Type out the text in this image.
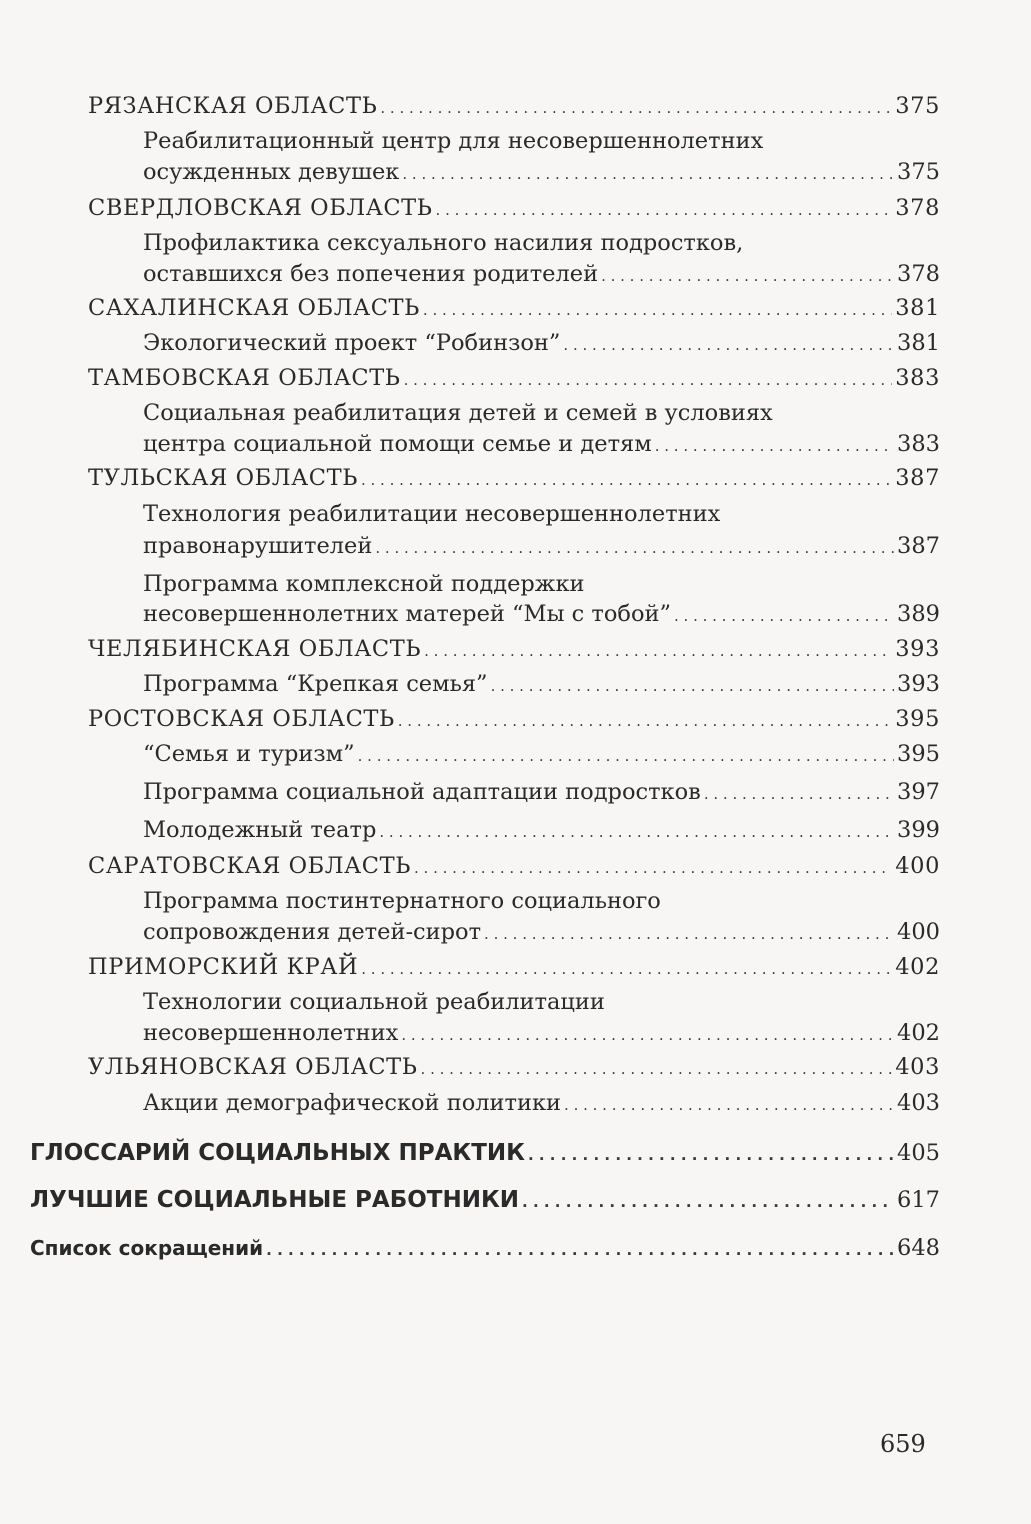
РЯЗАНСКАЯ ОБЛАСТЬ . . .	375
Реабилитационный центр для несовершеннолетних
осужденных девушек . . .	375
СВЕРДЛОВСКАЯ ОБЛАСТЬ . . .	378
Профилактика сексуального насилия подростков,
оставшихся без попечения родителей . . .	378
САХАЛИНСКАЯ ОБЛАСТЬ . . .	381
Экологический проект “Робинзон” . . .	381
ТАМБОВСКАЯ ОБЛАСТЬ . . .	383
Социальная реабилитация детей и семей в условиях
центра социальной помощи семье и детям . . .	383
ТУЛЬСКАЯ ОБЛАСТЬ . . .	387
Технология реабилитации несовершеннолетних
правонарушителей . . .	387
Программа комплексной поддержки
несовершеннолетних матерей “Мы с тобой” . . .	389
ЧЕЛЯБИНСКАЯ ОБЛАСТЬ . . .	393
Программа “Крепкая семья” . . .	393
РОСТОВСКАЯ ОБЛАСТЬ . . .	395
“Семья и туризм” . . .	395
Программа социальной адаптации подростков . . .	397
Молодежный театр . . .	399
САРАТОВСКАЯ ОБЛАСТЬ . . .	400
Программа постинтернатного социального
сопровождения детей-сирот . . .	400
ПРИМОРСКИЙ КРАЙ . . .	402
Технологии социальной реабилитации
несовершеннолетних . . .	402
УЛЬЯНОВСКАЯ ОБЛАСТЬ . . .	403
Акции демографической политики . . .	403
ГЛОССАРИЙ СОЦИАЛЬНЫХ ПРАКТИК . . .	405
ЛУЧШИЕ СОЦИАЛЬНЫЕ РАБОТНИКИ . . .	617
Список сокращений . . .	648
659
